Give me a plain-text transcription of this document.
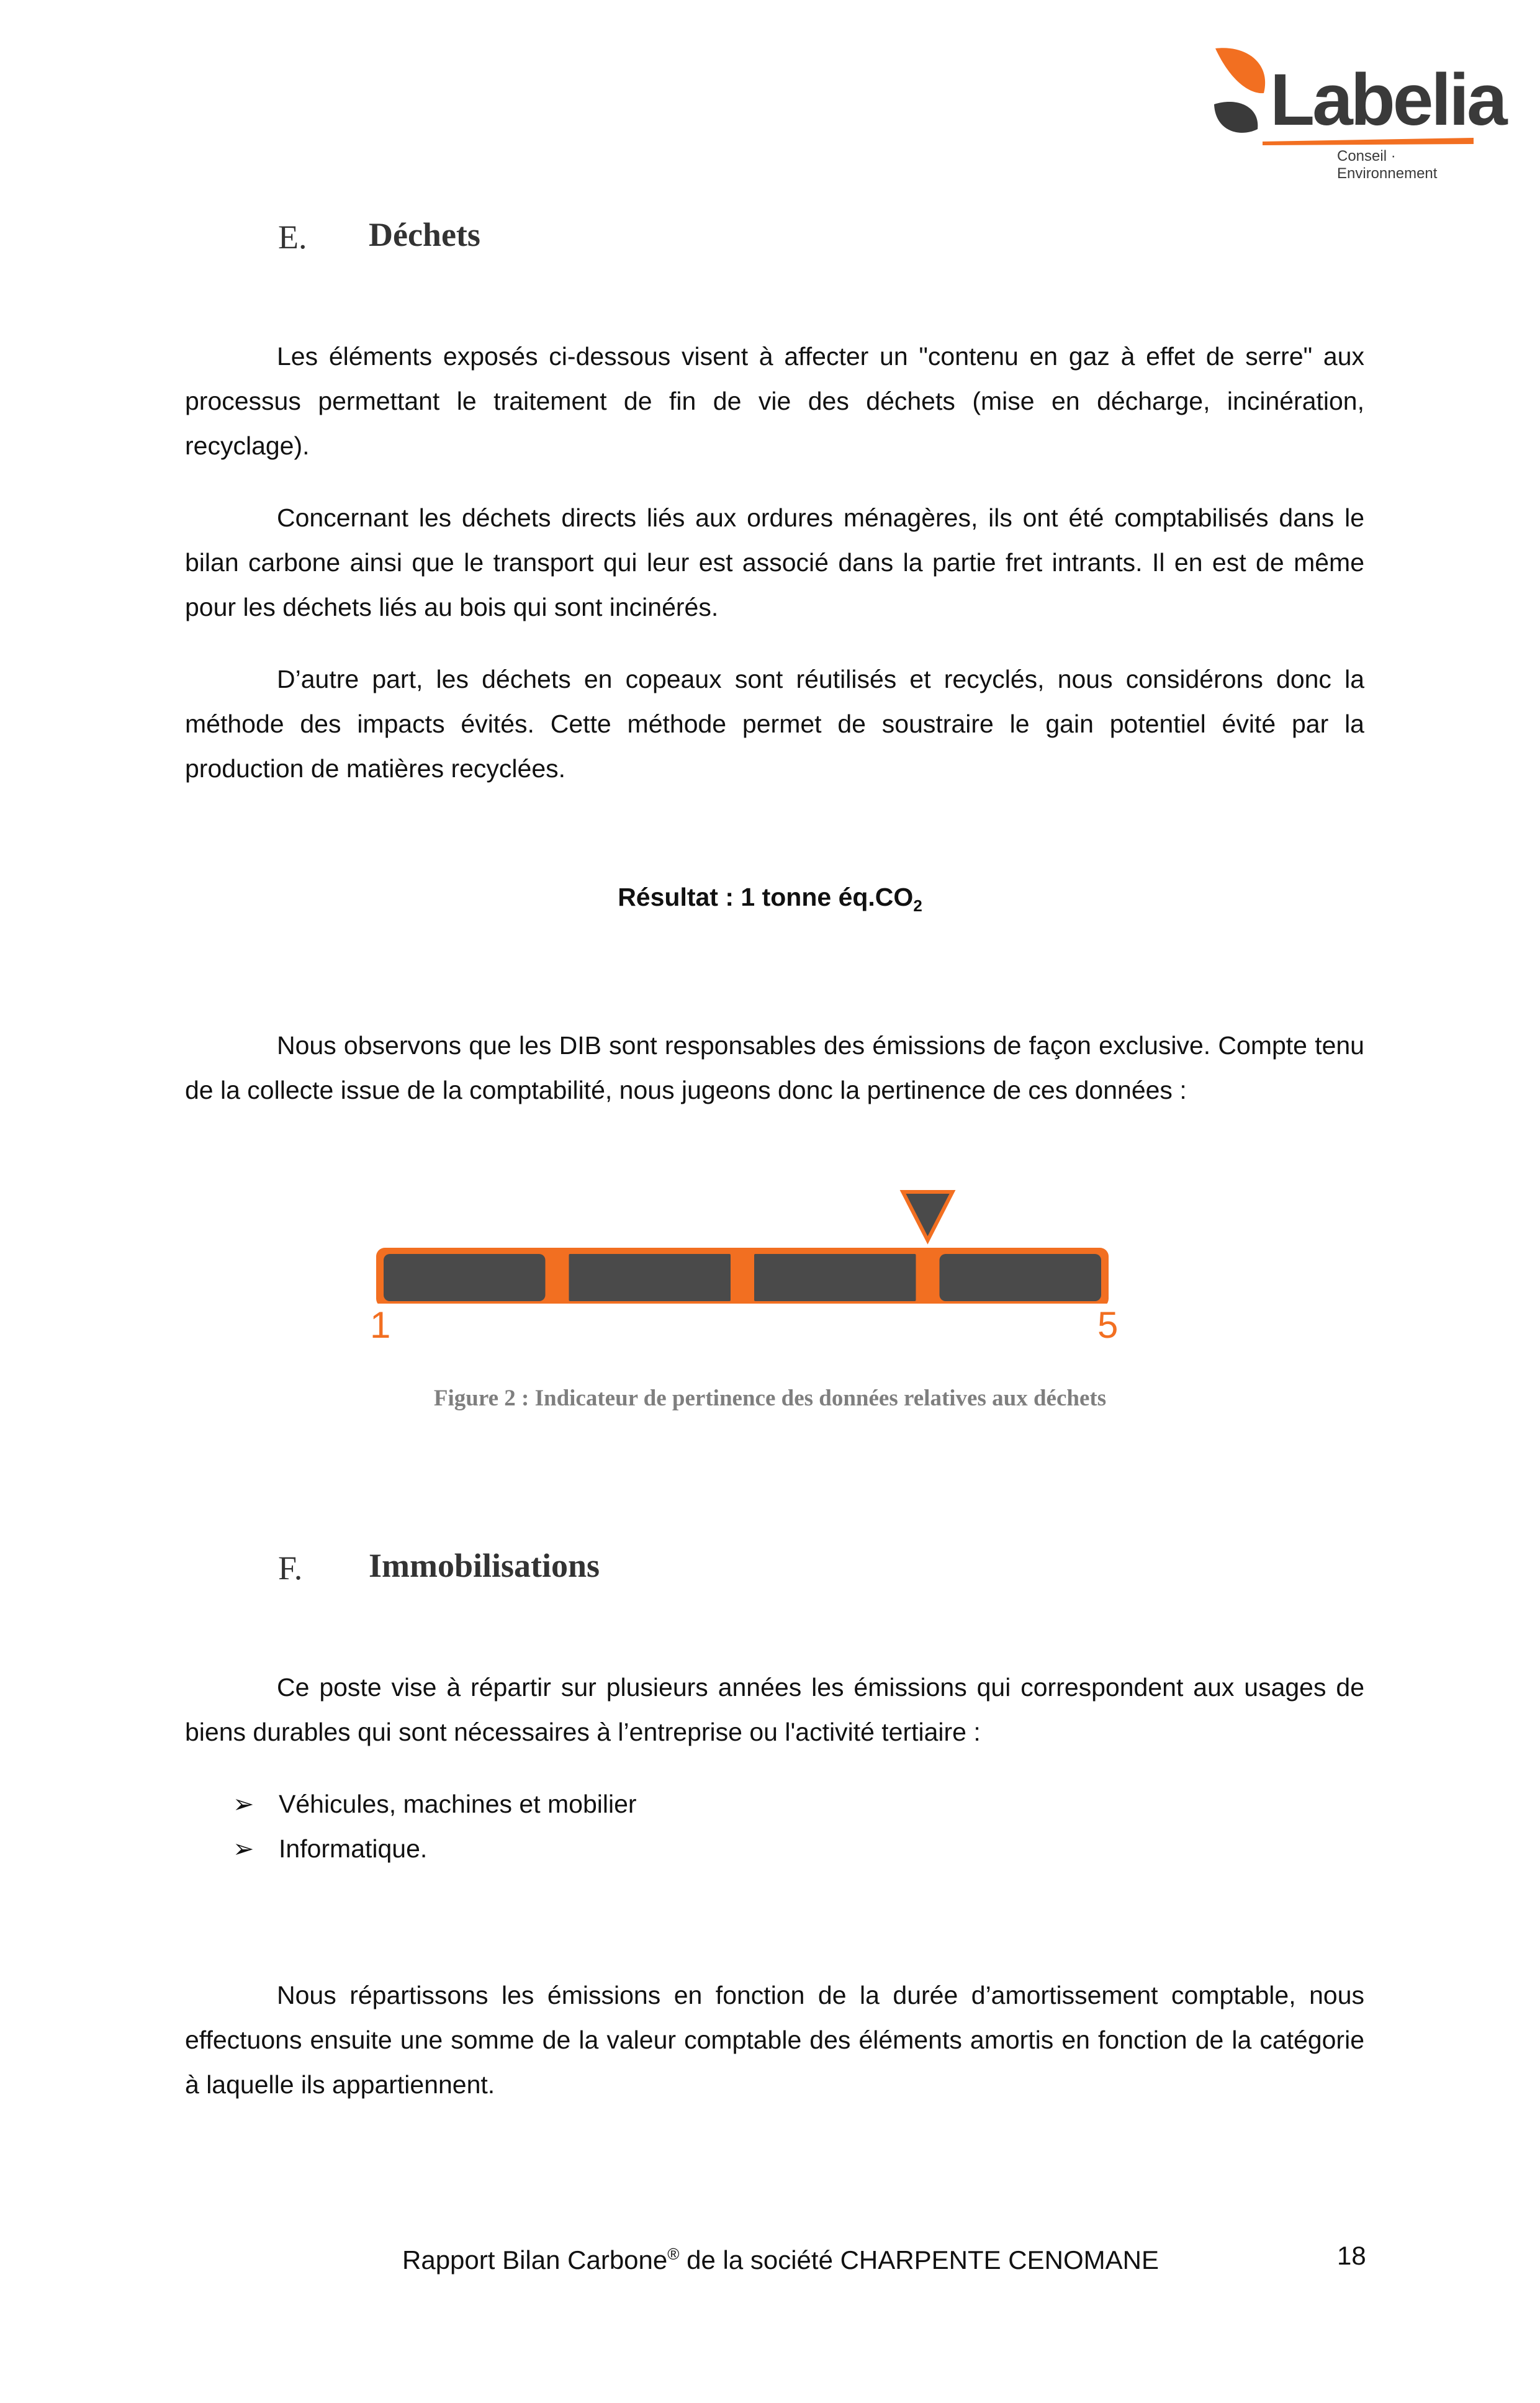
Labelia
Conseil · Environnement
E. Déchets

Les éléments exposés ci-dessous visent à affecter un "contenu en gaz à effet de serre" aux processus permettant le traitement de fin de vie des déchets (mise en décharge, incinération, recyclage).

Concernant les déchets directs liés aux ordures ménagères, ils ont été comptabilisés dans le bilan carbone ainsi que le transport qui leur est associé dans la partie fret intrants. Il en est de même pour les déchets liés au bois qui sont incinérés.

D’autre part, les déchets en copeaux sont réutilisés et recyclés, nous considérons donc la méthode des impacts évités. Cette méthode permet de soustraire le gain potentiel évité par la production de matières recyclées.

Résultat : 1 tonne $éq.CO_2$

Nous observons que les DIB sont responsables des émissions de façon exclusive. Compte tenu de la collecte issue de la comptabilité, nous jugeons donc la pertinence de ces données :

1	5
Figure 2 : Indicateur de pertinence des données relatives aux déchets
F. Immobilisations

Ce poste vise à répartir sur plusieurs années les émissions qui correspondent aux usages de biens durables qui sont nécessaires à l’entreprise ou l'activité tertiaire :

➢ Véhicules, machines et mobilier
➢ Informatique.

Nous répartissons les émissions en fonction de la durée d’amortissement comptable, nous effectuons ensuite une somme de la valeur comptable des éléments amortis en fonction de la catégorie à laquelle ils appartiennent.

Rapport Bilan Carbone® de la société CHARPENTE CENOMANE	18
